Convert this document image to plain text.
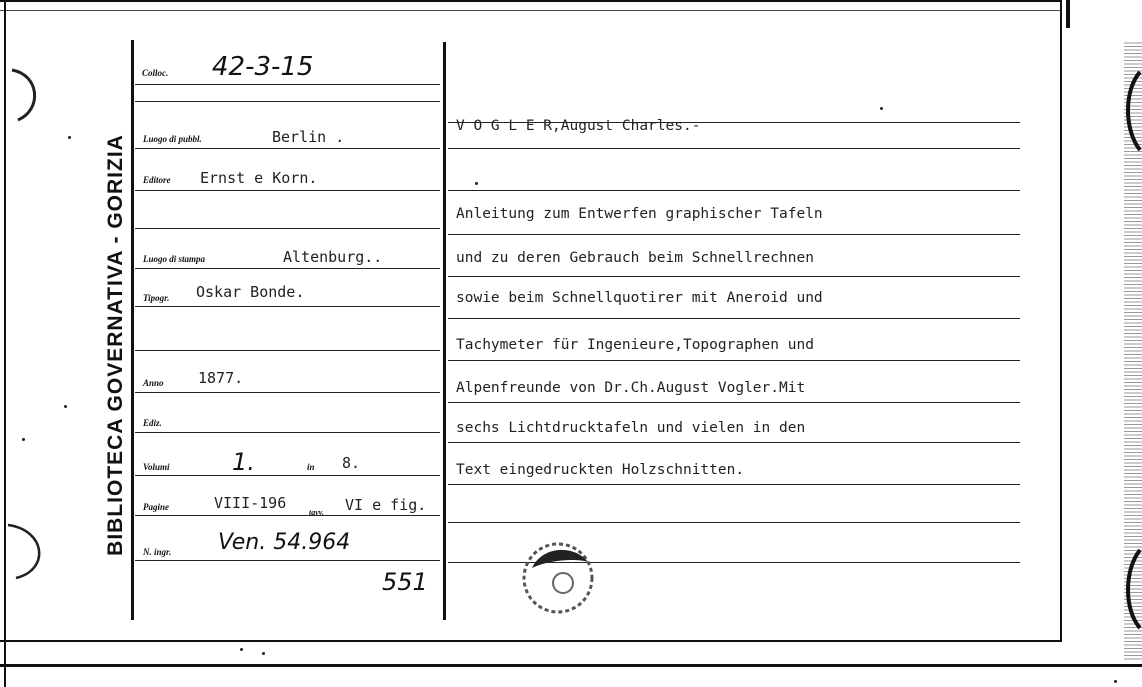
BIBLIOTECA GOVERNATIVA - GORIZIA
Colloc. 42-3-15
Luogo di pubbl.	Berlin .
Editore Ernst e Korn.
Luogo di stampa	Altenburg..
Tipogr. Oskar Bonde.
Anno 1877.
Ediz.
Volumi	1.	in 8.
Pagine	VIII-196
tavv. VI e fig.
N. ingr. Ven. 54.964
551
V O G L E R,August Charles.-
Anleitung zum Entwerfen graphischer Tafeln
und zu deren Gebrauch beim Schnellrechnen
sowie beim Schnellquotirer mit Aneroid und
Tachymeter für Ingenieure,Topographen und
Alpenfreunde von Dr.Ch.August Vogler.Mit
sechs Lichtdrucktafeln und vielen in den
Text eingedruckten Holzschnitten.
